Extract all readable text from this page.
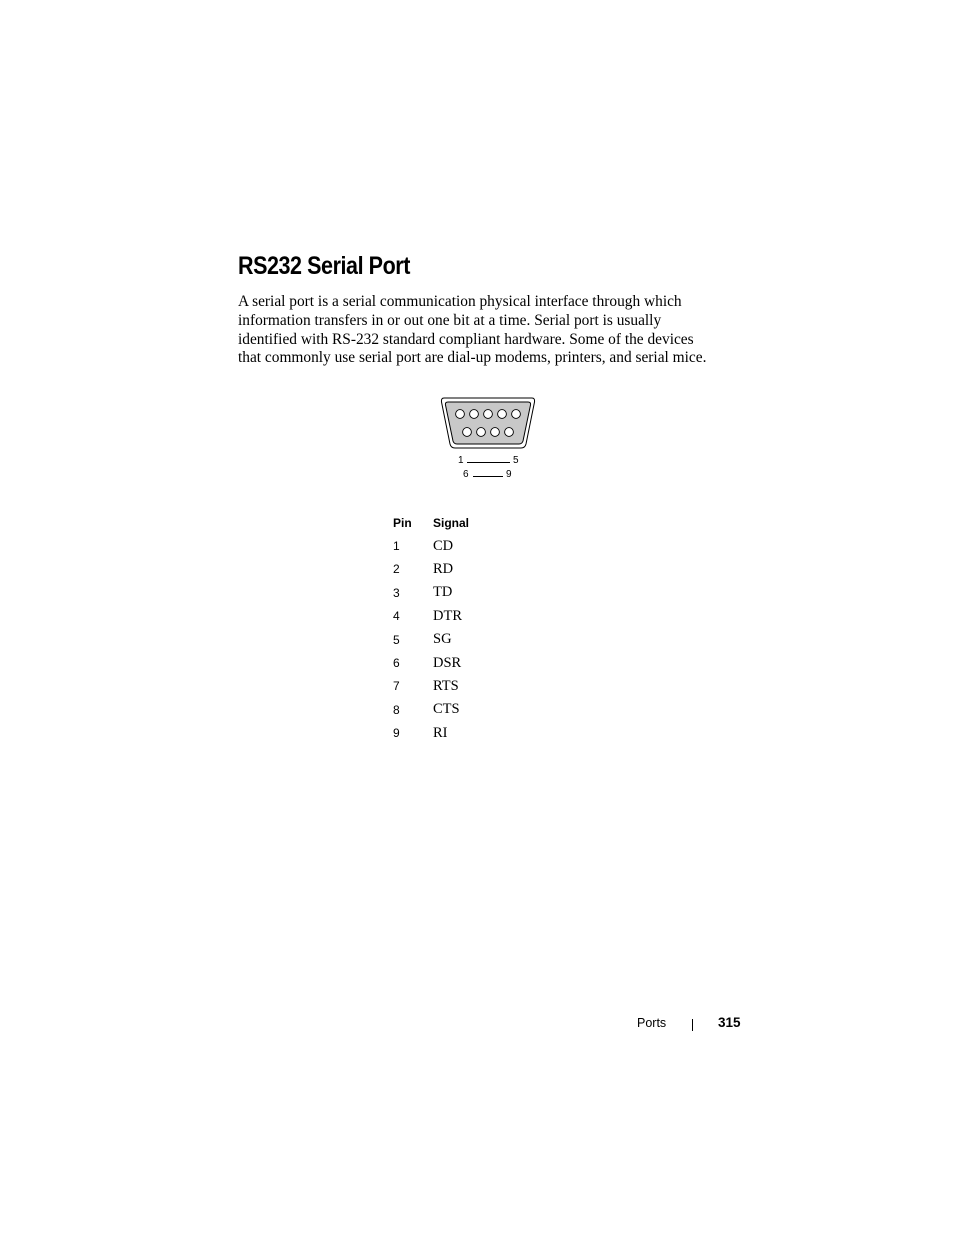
RS232 Serial Port

A serial port is a serial communication physical interface through which
information transfers in or out one bit at a time. Serial port is usually
identified with RS-232 standard compliant hardware. Some of the devices
that commonly use serial port are dial-up modems, printers, and serial mice.

1	5
6	9
Pin	Signal
1	CD
2	RD
3	TD
4	DTR
5	SG
6	DSR
7	RTS
8	CTS
9	RI
Ports	315
